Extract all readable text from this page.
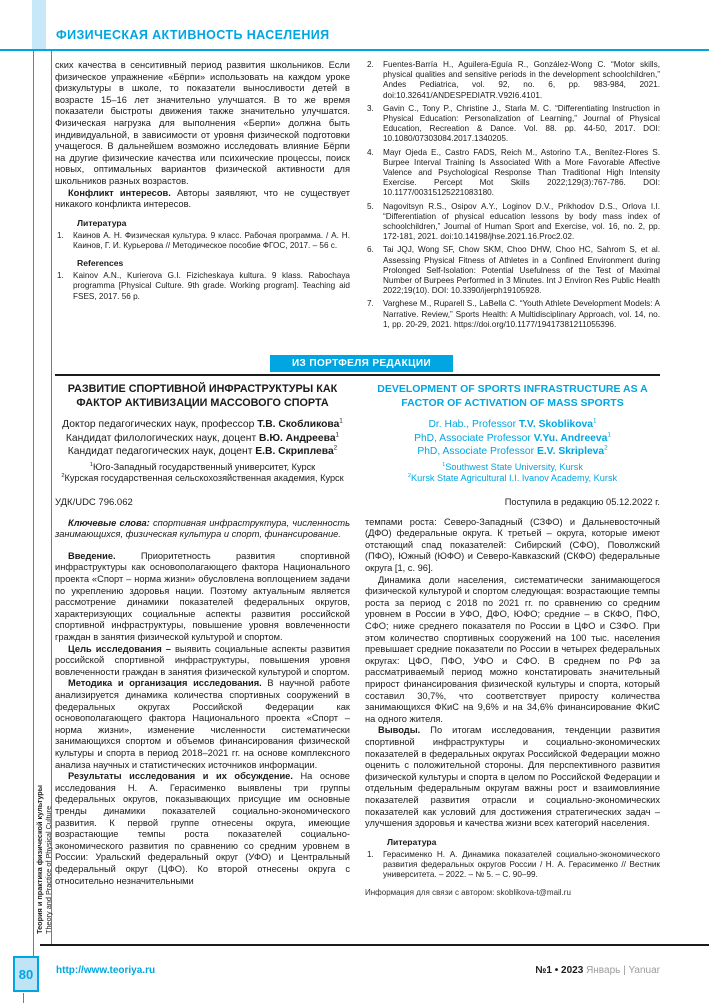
ФИЗИЧЕСКАЯ АКТИВНОСТЬ НАСЕЛЕНИЯ
Теория и практика физической культуры Theory and Practice of Physical Culture

ских качества в сенситивный период развития школьников. Если физическое упражнение «Бёрпи» использовать на каждом уроке физкультуры в школе, то показатели выносливости детей в возрасте 15–16 лет значительно улучшатся. В то же время показатели быстроты движения также значительно улучшатся. Физическая нагрузка для выполнения «Берпи» должна быть индивидуальной, в зависимости от уровня физической подготовки учащегося. В дальнейшем возможно исследовать влияние Бёрпи на другие физические качества или психические процессы, поиск новых, оптимальных вариантов физической активности для школьников разных возрастов.

Конфликт интересов. Авторы заявляют, что не существует никакого конфликта интересов.

Литература
1.	Каинов А. Н. Физическая культура. 9 класс. Рабочая программа. / А. Н. Каинов, Г. И. Курьерова // Методическое пособие ФГОС, 2017. – 56 с.
References
1.	Kainov A.N., Kurierova G.I. Fizicheskaya kultura. 9 klass. Rabochaya programma [Physical Culture. 9th grade. Working program]. Teaching aid FSES, 2017. 56 p.
2.	Fuentes-Barría H., Aguilera-Eguía R., González-Wong C. “Motor skills, physical qualities and sensitive periods in the development schoolchildren,” Andes Pediatrica, vol. 92, no. 6, pp. 983-984, 2021. doi:10.32641/ANDESPEDIATR.V92I6.4101.
3.	Gavin C., Tony P., Christine J., Starla M. C. “Differentiating Instruction in Physical Education: Personalization of Learning,” Journal of Physical Education, Recreation & Dance. Vol. 88. pp. 44-50, 2017. DOI: 10.1080/07303084.2017.1340205.
4.	Mayr Ojeda E., Castro FADS, Reich M., Astorino T.A., Benítez-Flores S. Burpee Interval Training Is Associated With a More Favorable Affective Valence and Psychological Response Than Traditional High Intensity Exercise. Percept Mot Skills 2022;129(3):767-786. DOI: 10.1177/00315125221083180.
5.	Nagovitsyn R.S., Osipov A.Y., Loginov D.V., Prikhodov D.S., Orlova I.I. “Differentiation of physical education lessons by body mass index of schoolchildren,” Journal of Human Sport and Exercise, vol. 16, no. 2, pp. 172-181, 2021. doi:10.14198/jhse.2021.16.Proc2.02.
6.	Tai JQJ, Wong SF, Chow SKM, Choo DHW, Choo HC, Sahrom S, et al. Assessing Physical Fitness of Athletes in a Confined Environment during Prolonged Self-Isolation: Potential Usefulness of the Test of Maximal Number of Burpees Performed in 3 Minutes. Int J Environ Res Public Health 2022;19(10). DOI: 10.3390/ijerph19105928.
7.	Varghese M., Ruparell S., LaBella C. “Youth Athlete Development Models: A Narrative. Review,” Sports Health: A Multidisciplinary Approach, vol. 14, no. 1, pp. 20-29, 2021. https://doi.org/10.1177/19417381211055396.
ИЗ ПОРТФЕЛЯ РЕДАКЦИИ
РАЗВИТИЕ СПОРТИВНОЙ ИНФРАСТРУКТУРЫ КАК ФАКТОР АКТИВИЗАЦИИ МАССОВОГО СПОРТА
Доктор педагогических наук, профессор Т.В. Скобликова$^1$
Кандидат филологических наук, доцент В.Ю. Андреева$^1$
Кандидат педагогических наук, доцент Е.В. Скриплева$^2$
$^1$Юго-Западный государственный университет, Курск
$^2$Курская государственная сельскохозяйственная академия, Курск
УДК/UDC 796.062

Ключевые слова: спортивная инфраструктура, численность занимающихся, физическая культура и спорт, финансирование.

Введение. Приоритетность развития спортивной инфраструктуры как основополагающего фактора Национального проекта «Спорт – норма жизни» обусловлена воплощением задачи по укреплению здоровья нации. Поэтому актуальным является рассмотрение динамики показателей федеральных округов, характеризующих социальные аспекты развития российской спортивной инфраструктуры, повышение уровня вовлеченности граждан в занятия физической культурой и спортом.

Цель исследования – выявить социальные аспекты развития российской спортивной инфраструктуры, повышения уровня вовлеченности граждан в занятия физической культурой и спортом.

Методика и организация исследования. В научной работе анализируется динамика количества спортивных сооружений в федеральных округах Российской Федерации как основополагающего фактора Национального проекта «Спорт – норма жизни», изменение численности систематически занимающихся спортом и объемов финансирования физической культуры и спорта в период 2018–2021 гг. на основе комплексного анализа научных и статистических источников информации.

Результаты исследования и их обсуждение. На основе исследования Н. А. Герасименко выявлены три группы федеральных округов, показывающих присущие им основные тренды динамики показателей социально-экономического развития. К первой группе отнесены округа, имеющие возрастающие темпы роста показателей социально-экономического развития по сравнению со средним уровнем в России: Уральский федеральный округ (УФО) и Центральный федеральный округ (ЦФО). Ко второй отнесены округа с относительно незначительными

DEVELOPMENT OF SPORTS INFRASTRUCTURE AS A FACTOR OF ACTIVATION OF MASS SPORTS
Dr. Hab., Professor T.V. Skoblikova$^1$
PhD, Associate Professor V.Yu. Andreeva$^1$
PhD, Associate Professor E.V. Skripleva$^2$
$^1$Southwest State University, Kursk
$^2$Kursk State Agricultural I.I. Ivanov Academy, Kursk
Поступила в редакцию 05.12.2022 г.

темпами роста: Северо-Западный (СЗФО) и Дальневосточный (ДФО) федеральные округа. К третьей – округа, которые имеют отстающий спад показателей: Сибирский (СФО), Поволжский (ПФО), Южный (ЮФО) и Северо-Кавказский (СКФО) федеральные округа [1, с. 96].

Динамика доли населения, систематически занимающегося физической культурой и спортом следующая: возрастающие темпы роста за период с 2018 по 2021 гг. по сравнению со средним уровнем в России в УФО, ДФО, ЮФО; средние – в СКФО, ПФО, СФО; ниже среднего показателя по России в ЦФО и СЗФО. При этом количество спортивных сооружений на 100 тыс. населения превышает средние показатели по России в четырех федеральных округах: ЦФО, ПФО, УФО и СФО. В среднем по РФ за рассматриваемый период можно констатировать значительный прирост финансирования физической культуры и спорта, который составил 30,7%, что соответствует приросту количества занимающихся ФКиС на 9,6% и на 34,6% финансирование ФКиС на одного жителя.

Выводы. По итогам исследования, тенденции развития спортивной инфраструктуры и социально-экономических показателей в федеральных округах Российской Федерации можно оценить с положительной стороны. Для перспективного развития физической культуры и спорта в целом по Российской Федерации и отдельным федеральным округам важны рост и взаимовлияние показателей развития отрасли и социально-экономических показателей как условий для достижения стратегических задач – улучшения здоровья и качества жизни всех категорий населения.

Литература
1.	Герасименко Н. А. Динамика показателей социально-экономического развития федеральных округов России / Н. А. Герасименко // Вестник университета. – 2022. – № 5. – С. 90–99.
Информация для связи с автором: skoblikova-t@mail.ru
80	http://www.teoriya.ru	№1 • 2023 Январь | Yanuar
